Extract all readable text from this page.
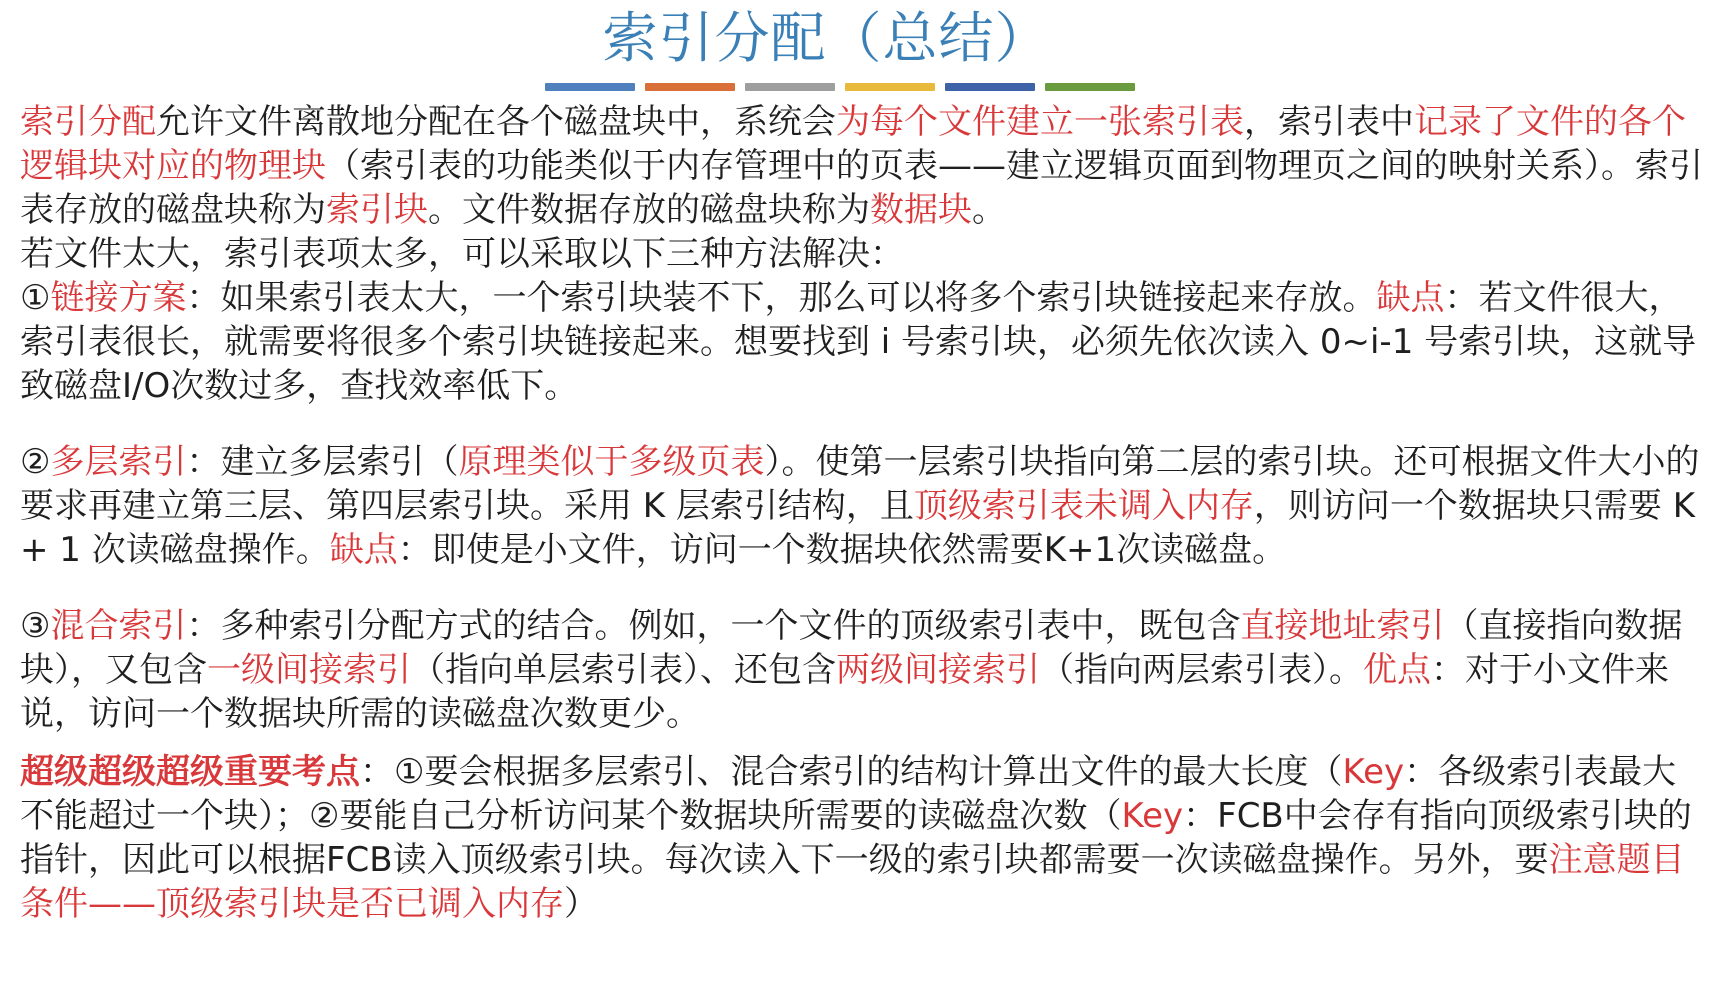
索引分配（总结）
索引分配允许文件离散地分配在各个磁盘块中，系统会为每个文件建立一张索引表，索引表中记录了文件的各个逻辑块对应的物理块（索引表的功能类似于内存管理中的页表——建立逻辑页面到物理页之间的映射关系）。索引表存放的磁盘块称为索引块。文件数据存放的磁盘块称为数据块。
若文件太大，索引表项太多，可以采取以下三种方法解决：
①链接方案：如果索引表太大，一个索引块装不下，那么可以将多个索引块链接起来存放。缺点：若文件很大，索引表很长，就需要将很多个索引块链接起来。想要找到 i 号索引块，必须先依次读入 0~i-1 号索引块，这就导致磁盘I/O次数过多，查找效率低下。
②多层索引：建立多层索引（原理类似于多级页表）。使第一层索引块指向第二层的索引块。还可根据文件大小的要求再建立第三层、第四层索引块。采用 K 层索引结构，且顶级索引表未调入内存，则访问一个数据块只需要 K + 1 次读磁盘操作。缺点：即使是小文件，访问一个数据块依然需要K+1次读磁盘。
③混合索引：多种索引分配方式的结合。例如，一个文件的顶级索引表中，既包含直接地址索引（直接指向数据块），又包含一级间接索引（指向单层索引表）、还包含两级间接索引（指向两层索引表）。优点：对于小文件来说，访问一个数据块所需的读磁盘次数更少。
超级超级超级重要考点：①要会根据多层索引、混合索引的结构计算出文件的最大长度（Key：各级索引表最大不能超过一个块）；②要能自己分析访问某个数据块所需要的读磁盘次数（Key：FCB中会存有指向顶级索引块的指针，因此可以根据FCB读入顶级索引块。每次读入下一级的索引块都需要一次读磁盘操作。另外，要注意题目条件——顶级索引块是否已调入内存）
